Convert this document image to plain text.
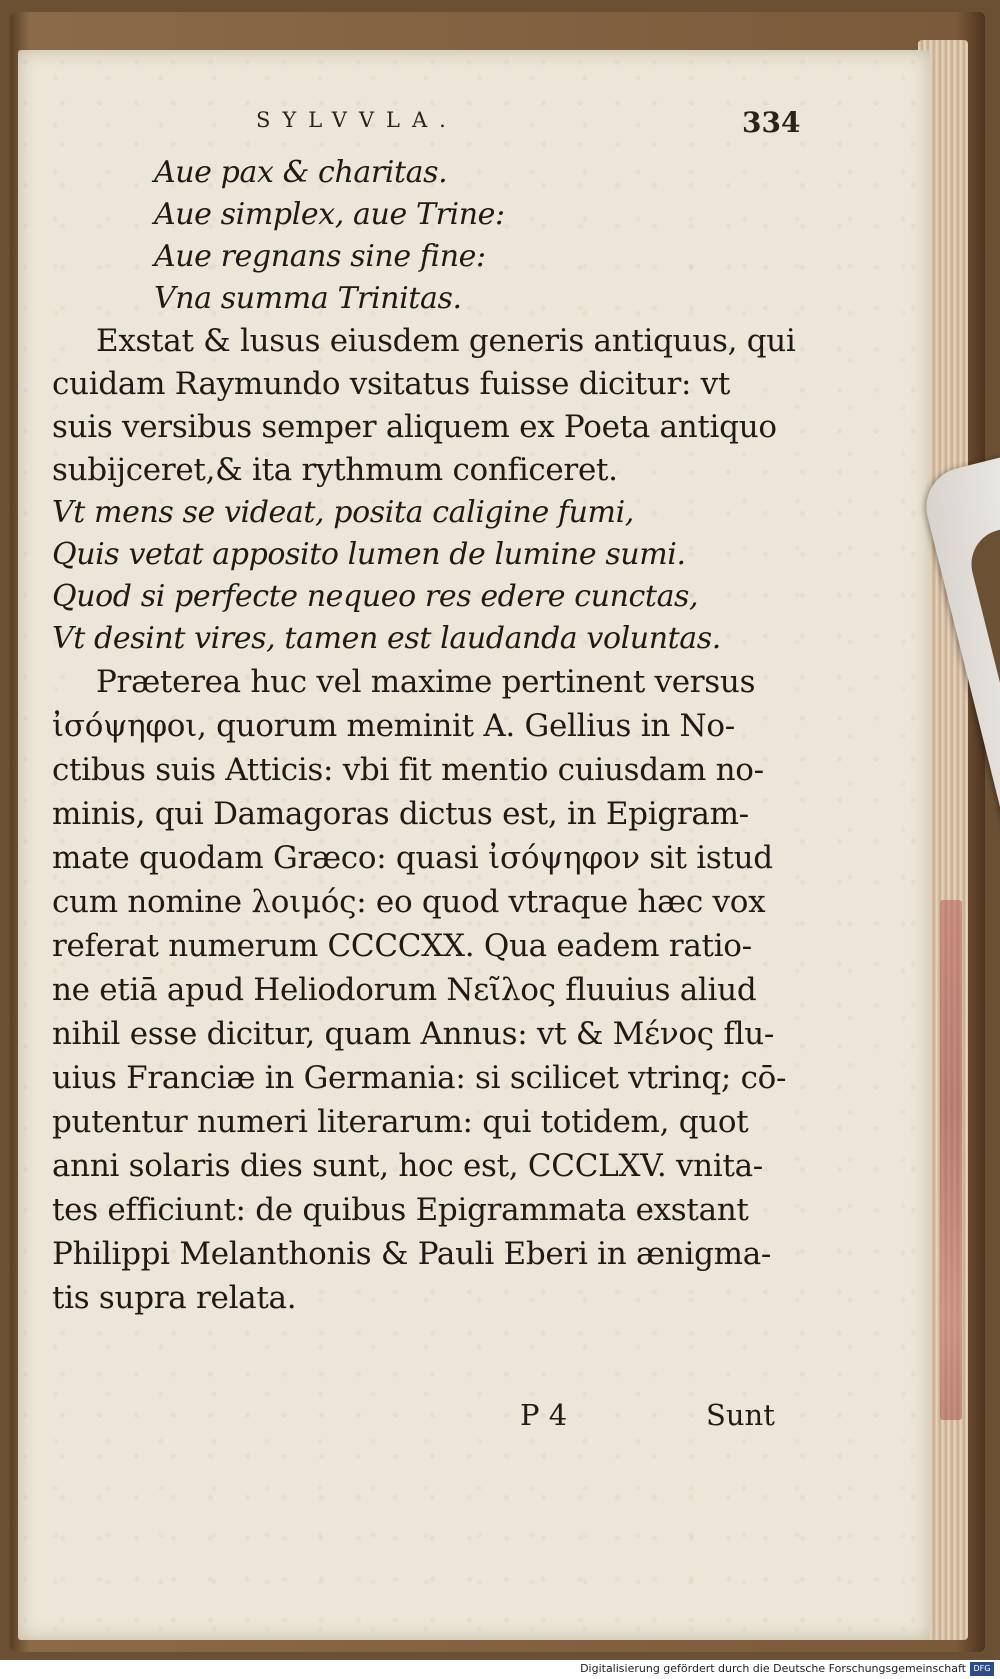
SYLVVLA.	334
Aue pax & charitas.
Aue simplex, aue Trine:
Aue regnans sine fine:
Vna summa Trinitas.
Exstat & lusus eiusdem generis antiquus, qui
cuidam Raymundo vsitatus fuisse dicitur: vt
suis versibus semper aliquem ex Poeta antiquo
subijceret,& ita rythmum conficeret.
Vt mens se videat, posita caligine fumi,
Quis vetat apposito lumen de lumine sumi.
Quod si perfecte nequeo res edere cunctas,
Vt desint vires, tamen est laudanda voluntas.
Præterea huc vel maxime pertinent versus
ἰσόψηφοι, quorum meminit A. Gellius in No-
ctibus suis Atticis: vbi fit mentio cuiusdam no-
minis, qui Damagoras dictus est, in Epigram-
mate quodam Græco: quasi ἰσόψηφον sit istud
cum nomine λοιμός: eo quod vtraque hæc vox
referat numerum CCCCXX. Qua eadem ratio-
ne etiā apud Heliodorum Νεῖλος fluuius aliud
nihil esse dicitur, quam Annus: vt & Μένος flu-
uius Franciæ in Germania: si scilicet vtrinq; cō-
putentur numeri literarum: qui totidem, quot
anni solaris dies sunt, hoc est, CCCLXV. vnita-
tes efficiunt: de quibus Epigrammata exstant
Philippi Melanthonis & Pauli Eberi in ænigma-
tis supra relata.
P 4	Sunt
Digitalisierung gefördert durch die Deutsche Forschungsgemeinschaft DFG
